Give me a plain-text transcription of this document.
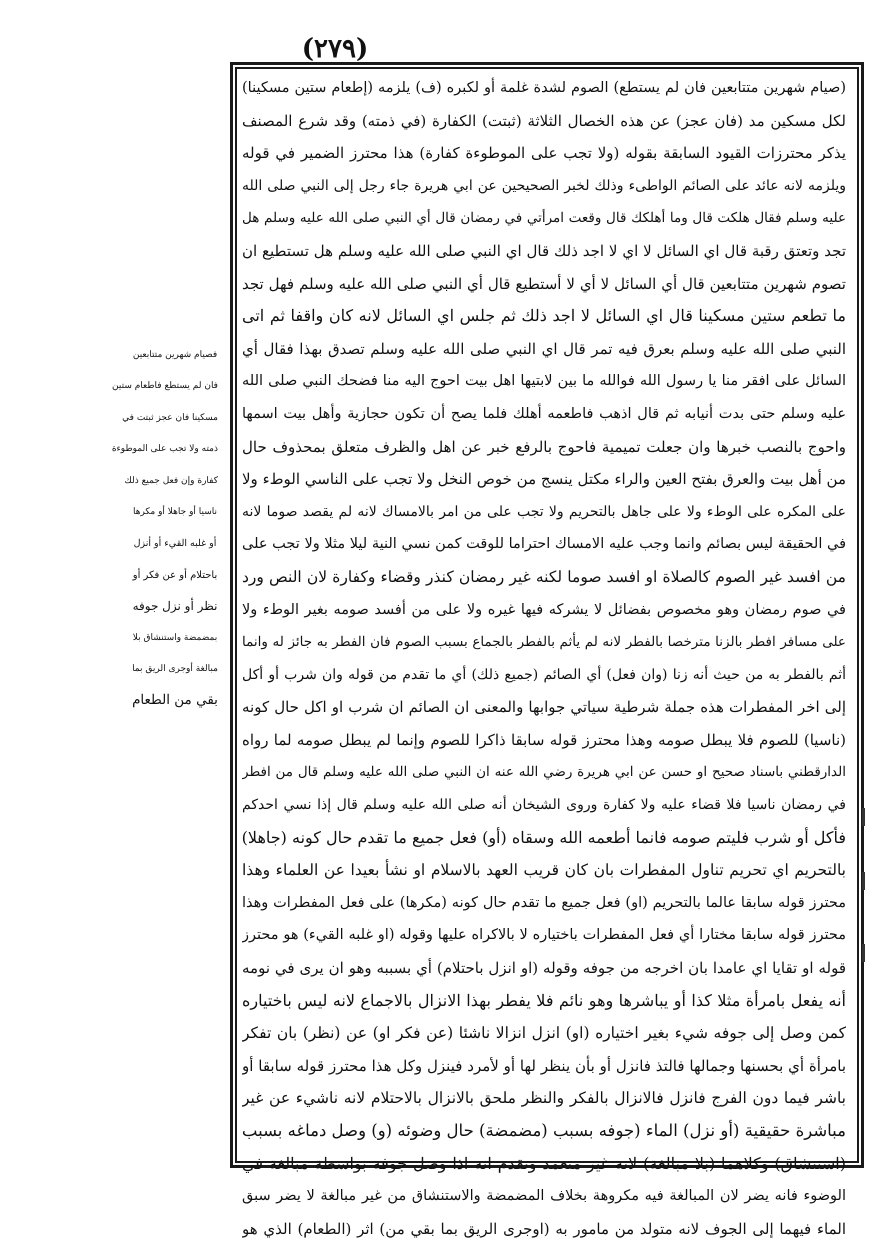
(٢٧٩)
(صيام شهرين متتابعين فان لم يستطع) الصوم لشدة غلمة أو لكبره (ف) يلزمه (إطعام ستين مسكينا)
لكل مسكين مد (فان عجز) عن هذه الخصال الثلاثة (ثبتت) الكفارة (في ذمته) وقد شرع المصنف
يذكر محترزات القيود السابقة بقوله (ولا تجب على الموطوءة كفارة) هذا محترز الضمير في قوله
ويلزمه لانه عائد على الصائم الواطىء وذلك لخبر الصحيحين عن ابي هريرة جاء رجل إلى النبي صلى الله
عليه وسلم فقال هلكت قال وما أهلكك قال وقعت امرأتي في رمضان قال أي النبي صلى الله عليه وسلم هل
تجد وتعتق رقبة قال اي السائل لا اي لا اجد ذلك قال اي النبي صلى الله عليه وسلم هل تستطيع ان
تصوم شهرين متتابعين قال أي السائل لا أي لا أستطيع قال أي النبي صلى الله عليه وسلم فهل تجد
ما تطعم ستين مسكينا قال اي السائل لا اجد ذلك ثم جلس اي السائل لانه كان واقفا ثم اتى
النبي صلى الله عليه وسلم بعرق فيه تمر قال اي النبي صلى الله عليه وسلم تصدق بهذا فقال أي
السائل على افقر منا يا رسول الله فوالله ما بين لابتيها اهل بيت احوج اليه منا فضحك النبي صلى الله
عليه وسلم حتى بدت أنيابه ثم قال اذهب فاطعمه أهلك فلما يصح أن تكون حجازية وأهل بيت اسمها
واحوج بالنصب خبرها وان جعلت تميمية فاحوج بالرفع خبر عن اهل والظرف متعلق بمحذوف حال
من أهل بيت والعرق بفتح العين والراء مكتل ينسج من خوص النخل ولا تجب على الناسي الوطء ولا
على المكره على الوطء ولا على جاهل بالتحريم ولا تجب على من امر بالامساك لانه لم يقصد صوما لانه
في الحقيقة ليس بصائم وانما وجب عليه الامساك احتراما للوقت كمن نسي النية ليلا مثلا ولا تجب على
من افسد غير الصوم كالصلاة او افسد صوما لكنه غير رمضان كنذر وقضاء وكفارة لان النص ورد
في صوم رمضان وهو مخصوص بفضائل لا يشركه فيها غيره ولا على من أفسد صومه بغير الوطء ولا
على مسافر افطر بالزنا مترخصا بالفطر لانه لم يأثم بالفطر بالجماع بسبب الصوم فان الفطر به جائز له وانما
أثم بالفطر به من حيث أنه زنا (وان فعل) أي الصائم (جميع ذلك) أي ما تقدم من قوله وان شرب أو أكل
إلى اخر المفطرات هذه جملة شرطية سياتي جوابها والمعنى ان الصائم ان شرب او اكل حال كونه
(ناسيا) للصوم فلا يبطل صومه وهذا محترز قوله سابقا ذاكرا للصوم وإنما لم يبطل صومه لما رواه
الدارقطني باسناد صحيح او حسن عن ابي هريرة رضي الله عنه ان النبي صلى الله عليه وسلم قال من افطر
في رمضان ناسيا فلا قضاء عليه ولا كفارة وروى الشيخان أنه صلى الله عليه وسلم قال إذا نسي احدكم
فأكل أو شرب فليتم صومه فانما أطعمه الله وسقاه (أو) فعل جميع ما تقدم حال كونه (جاهلا)
بالتحريم اي تحريم تناول المفطرات بان كان قريب العهد بالاسلام او نشأ بعيدا عن العلماء وهذا
محترز قوله سابقا عالما بالتحريم (او) فعل جميع ما تقدم حال كونه (مكرها) على فعل المفطرات وهذا
محترز قوله سابقا مختارا أي فعل المفطرات باختياره لا بالاكراه عليها وقوله (او غلبه القيء) هو محترز
قوله او تقايا اي عامدا بان اخرجه من جوفه وقوله (او انزل باحتلام) أي بسببه وهو ان يرى في نومه
أنه يفعل بامرأة مثلا كذا أو يباشرها وهو نائم فلا يفطر بهذا الانزال بالاجماع لانه ليس باختياره
كمن وصل إلى جوفه شيء بغير اختياره (او) انزل انزالا ناشئا (عن فكر او) عن (نظر) بان تفكر
بامرأة أي بحسنها وجمالها فالتذ فانزل أو بأن ينظر لها أو لأمرد فينزل وكل هذا محترز قوله سابقا أو
باشر فيما دون الفرج فانزل فالانزال بالفكر والنظر ملحق بالانزال بالاحتلام لانه ناشيء عن غير
مباشرة حقيقية (أو نزل) الماء (جوفه بسبب (مضمضة) حال وضوئه (و) وصل دماغه بسبب
(استنشاق) وكلاهما (بلا مبالغة) لانه غير متعمد وتقدم انه اذا وصل جوفه بواسطة مبالغة في
الوضوء فانه يضر لان المبالغة فيه مكروهة بخلاف المضمضة والاستنشاق من غير مبالغة لا يضر سبق
الماء فيهما إلى الجوف لانه متولد من مامور به (اوجرى الريق بما بقي من) اثر (الطعام) الذي هو
فصيام شهرين متتابعين
فان لم يستطع فاطعام ستين
مسكينا فان عجز ثبتت في
ذمته ولا تجب على الموطوءة
كفارة وإن فعل جميع ذلك
ناسيا أو جاهلا أو مكرها
أو غلبه القيء أو أنزل
باحتلام أو عن فكر أو
نظر أو نزل جوفه
بمضمضة واستنشاق بلا
مبالغة أوجرى الريق بما
بقي من الطعام
